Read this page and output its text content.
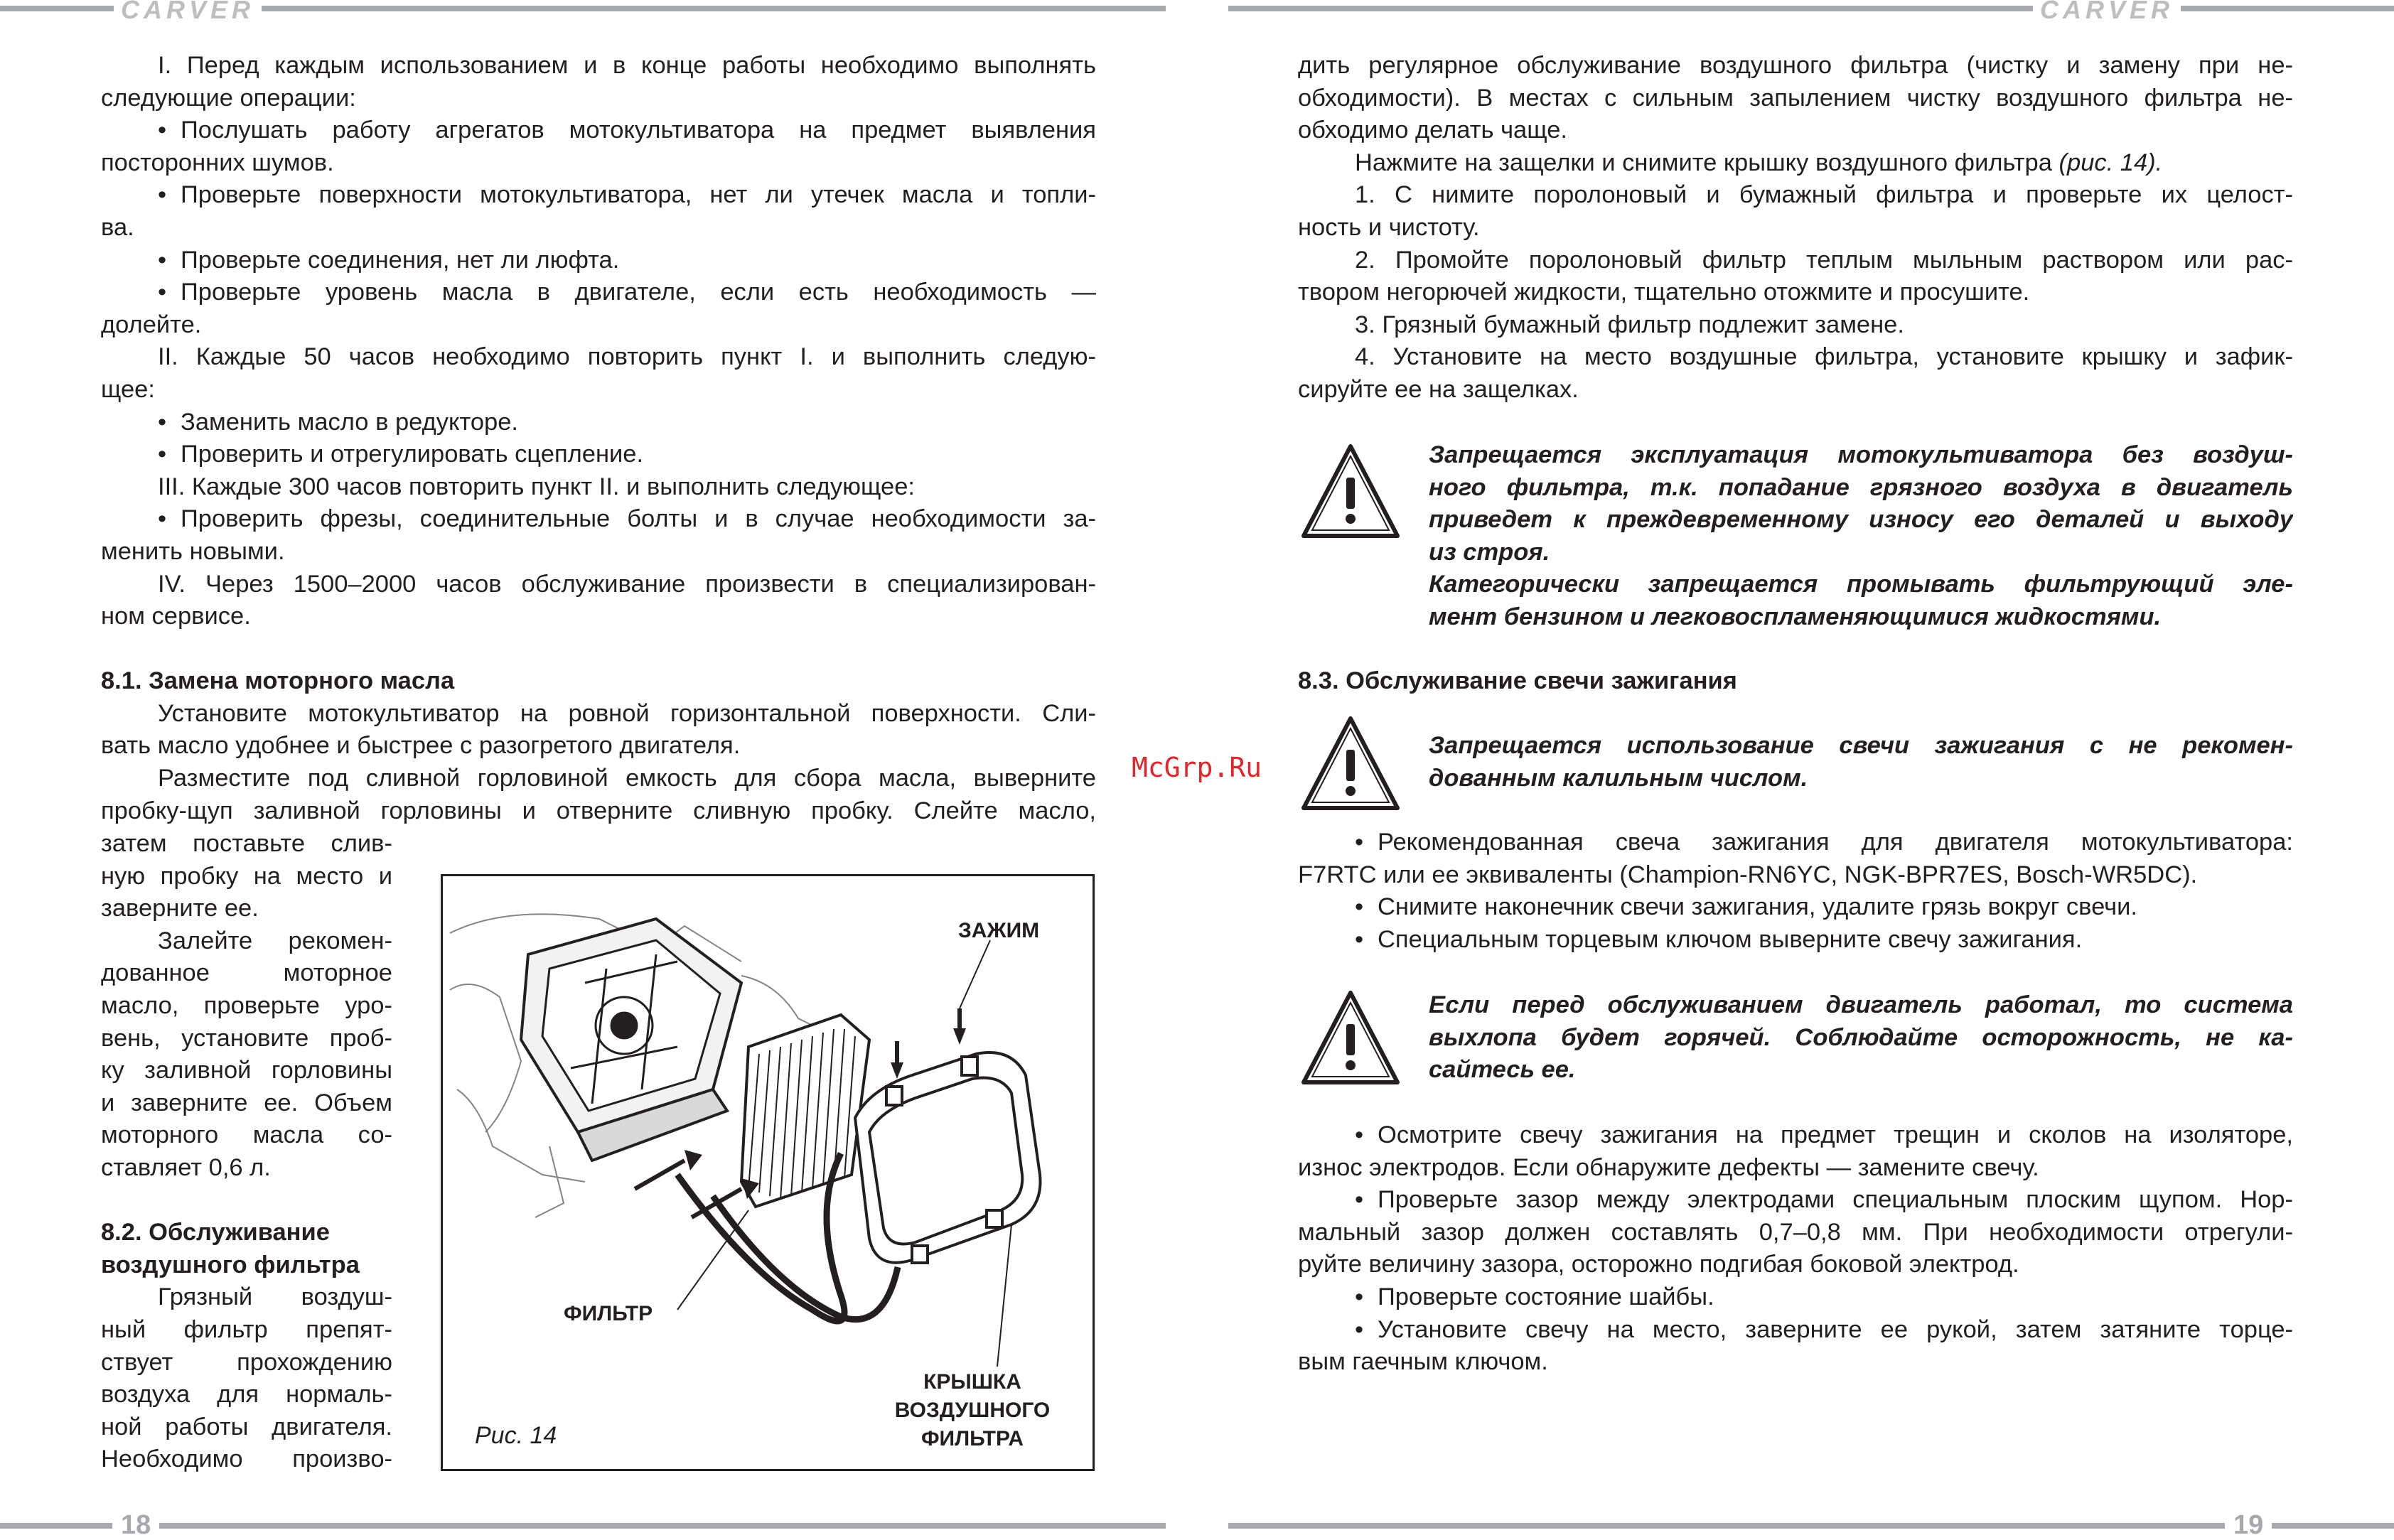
CARVER	CARVER
18	19
I. Перед каждым использованием и в конце работы необходимо выполнять
следующие операции:
• Послушать работу агрегатов мотокультиватора на предмет выявления
посторонних шумов.
• Проверьте поверхности мотокультиватора, нет ли утечек масла и топли-
ва.
• Проверьте соединения, нет ли люфта.
• Проверьте уровень масла в двигателе, если есть необходимость —
долейте.
II. Каждые 50 часов необходимо повторить пункт I. и выполнить следую-
щее:
• Заменить масло в редукторе.
• Проверить и отрегулировать сцепление.
III. Каждые 300 часов повторить пункт II. и выполнить следующее:
• Проверить фрезы, соединительные болты и в случае необходимости за-
менить новыми.
IV. Через 1500–2000 часов обслуживание произвести в специализирован-
ном сервисе.
8.1. Замена моторного масла
Установите мотокультиватор на ровной горизонтальной поверхности. Сли-
вать масло удобнее и быстрее с разогретого двигателя.
Разместите под сливной горловиной емкость для сбора масла, выверните
пробку-щуп заливной горловины и отверните сливную пробку. Слейте масло,
затем поставьте слив-
ную пробку на место и
заверните ее.
Залейте рекомен-
дованное моторное
масло, проверьте уро-
вень, установите проб-
ку заливной горловины
и заверните ее. Объем
моторного масла со-
ставляет 0,6 л.
8.2. Обслуживание
воздушного фильтра
Грязный воздуш-
ный фильтр препят-
ствует прохождению
воздуха для нормаль-
ной работы двигателя.
Необходимо произво-
ЗАЖИМ
ФИЛЬТР
КРЫШКА
ВОЗДУШНОГО
ФИЛЬТРА
Рис. 14
McGrp.Ru
дить регулярное обслуживание воздушного фильтра (чистку и замену при не-
обходимости). В местах с сильным запылением чистку воздушного фильтра не-
обходимо делать чаще.
Нажмите на защелки и снимите крышку воздушного фильтра (рис. 14).
1. С нимите поролоновый и бумажный фильтра и проверьте их целост-
ность и чистоту.
2. Промойте поролоновый фильтр теплым мыльным раствором или рас-
твором негорючей жидкости, тщательно отожмите и просушите.
3. Грязный бумажный фильтр подлежит замене.
4. Установите на место воздушные фильтра, установите крышку и зафик-
сируйте ее на защелках.
Запрещается эксплуатация мотокультиватора без воздуш-
ного фильтра, т.к. попадание грязного воздуха в двигатель
приведет к преждевременному износу его деталей и выходу
из строя.
Категорически запрещается промывать фильтрующий эле-
мент бензином и легковоспламеняющимися жидкостями.
8.3. Обслуживание свечи зажигания
Запрещается использование свечи зажигания с не рекомен-
дованным калильным числом.
• Рекомендованная свеча зажигания для двигателя мотокультиватора:
F7RTC или ее эквиваленты (Champion-RN6YC, NGK-BPR7ES, Bosch-WR5DC).
• Снимите наконечник свечи зажигания, удалите грязь вокруг свечи.
• Специальным торцевым ключом выверните свечу зажигания.
Если перед обслуживанием двигатель работал, то система
выхлопа будет горячей. Соблюдайте осторожность, не ка-
сайтесь ее.
• Осмотрите свечу зажигания на предмет трещин и сколов на изоляторе,
износ электродов. Если обнаружите дефекты — замените свечу.
• Проверьте зазор между электродами специальным плоским щупом. Нор-
мальный зазор должен составлять 0,7–0,8 мм. При необходимости отрегули-
руйте величину зазора, осторожно подгибая боковой электрод.
• Проверьте состояние шайбы.
• Установите свечу на место, заверните ее рукой, затем затяните торце-
вым гаечным ключом.
